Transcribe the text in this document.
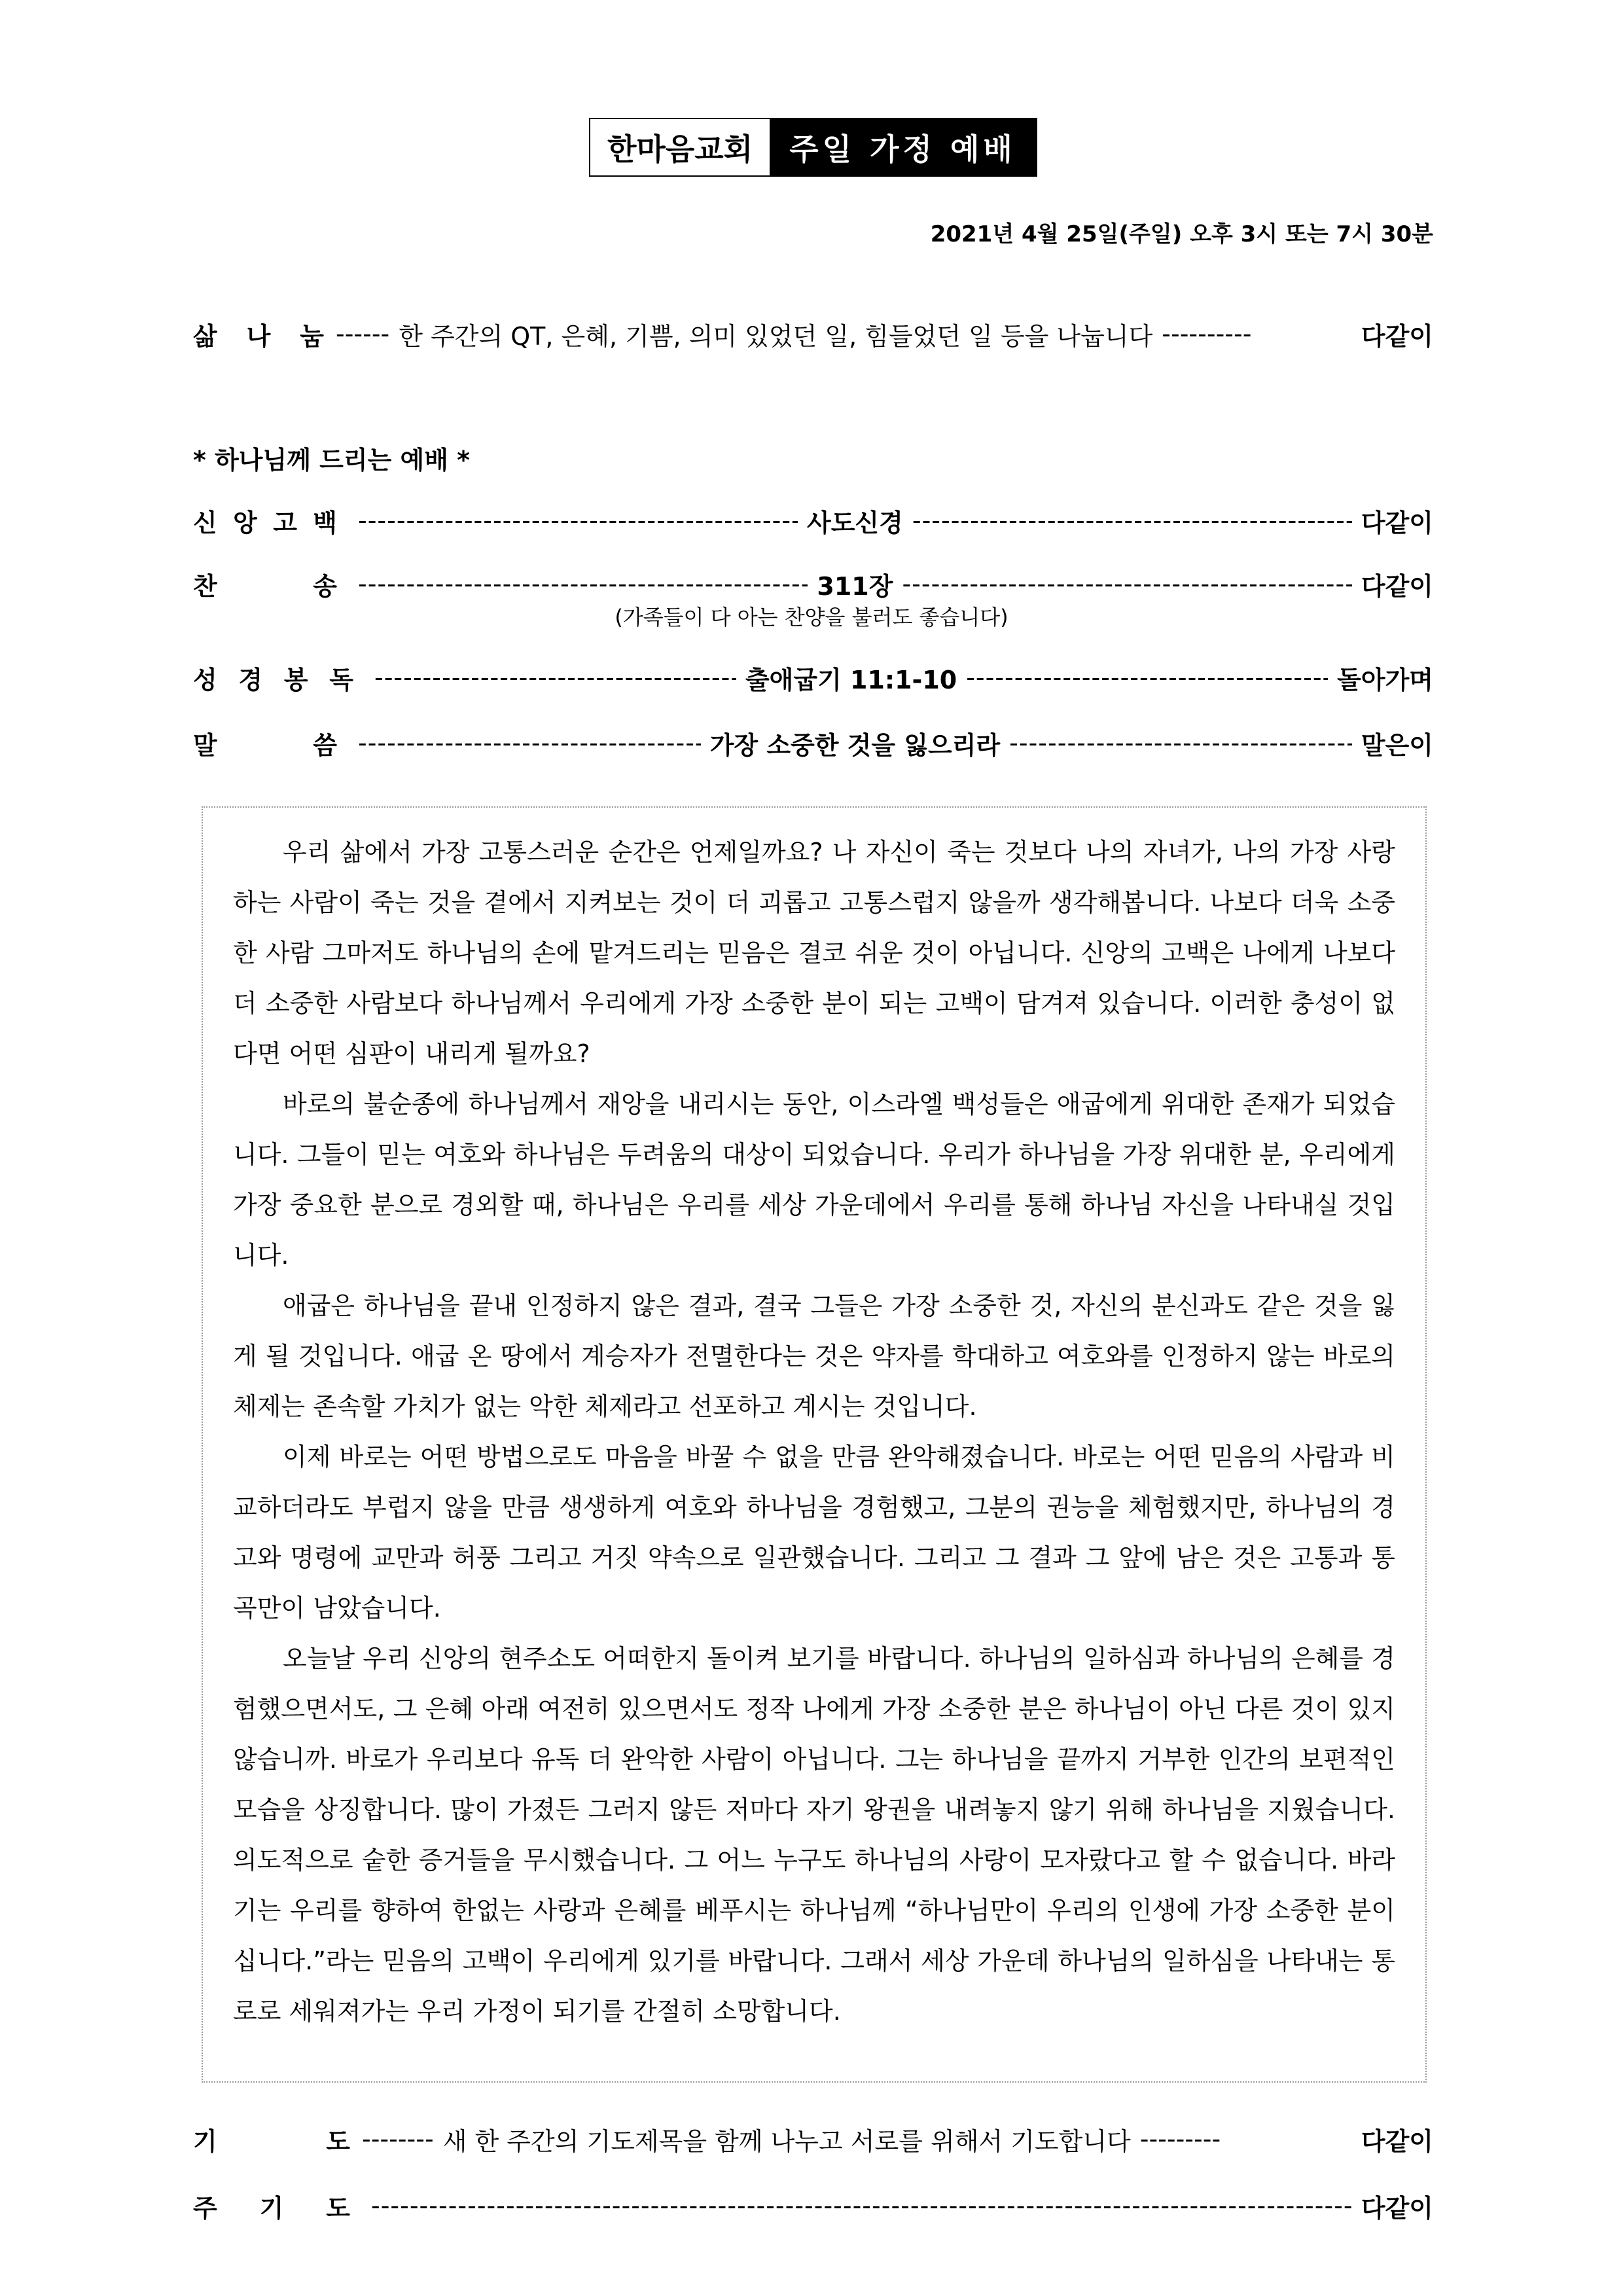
한마음교회	주일 가정 예배
2021년 4월 25일(주일) 오후 3시 또는 7시 30분
삶 나 눔 ------ 한 주간의 QT, 은혜, 기쁨, 의미 있었던 일, 힘들었던 일 등을 나눕니다 ----------	다같이
* 하나님께 드리는 예배 *
신 앙 고 백 -----	사도신경 -----	다같이
찬	송 -----	311장 -----	다같이
(가족들이 다 아는 찬양을 불러도 좋습니다)
성 경 봉 독 -----	출애굽기 11:1-10 -----	돌아가며
말	씀 -----	가장 소중한 것을 잃으리라 -----	말은이

우리 삶에서 가장 고통스러운 순간은 언제일까요? 나 자신이 죽는 것보다 나의 자녀가, 나의 가장 사랑하는 사람이 죽는 것을 곁에서 지켜보는 것이 더 괴롭고 고통스럽지 않을까 생각해봅니다. 나보다 더욱 소중한 사람 그마저도 하나님의 손에 맡겨드리는 믿음은 결코 쉬운 것이 아닙니다. 신앙의 고백은 나에게 나보다 더 소중한 사람보다 하나님께서 우리에게 가장 소중한 분이 되는 고백이 담겨져 있습니다. 이러한 충성이 없다면 어떤 심판이 내리게 될까요?

바로의 불순종에 하나님께서 재앙을 내리시는 동안, 이스라엘 백성들은 애굽에게 위대한 존재가 되었습니다. 그들이 믿는 여호와 하나님은 두려움의 대상이 되었습니다. 우리가 하나님을 가장 위대한 분, 우리에게 가장 중요한 분으로 경외할 때, 하나님은 우리를 세상 가운데에서 우리를 통해 하나님 자신을 나타내실 것입니다.

애굽은 하나님을 끝내 인정하지 않은 결과, 결국 그들은 가장 소중한 것, 자신의 분신과도 같은 것을 잃게 될 것입니다. 애굽 온 땅에서 계승자가 전멸한다는 것은 약자를 학대하고 여호와를 인정하지 않는 바로의 체제는 존속할 가치가 없는 악한 체제라고 선포하고 계시는 것입니다.

이제 바로는 어떤 방법으로도 마음을 바꿀 수 없을 만큼 완악해졌습니다. 바로는 어떤 믿음의 사람과 비교하더라도 부럽지 않을 만큼 생생하게 여호와 하나님을 경험했고, 그분의 권능을 체험했지만, 하나님의 경고와 명령에 교만과 허풍 그리고 거짓 약속으로 일관했습니다. 그리고 그 결과 그 앞에 남은 것은 고통과 통곡만이 남았습니다.

오늘날 우리 신앙의 현주소도 어떠한지 돌이켜 보기를 바랍니다. 하나님의 일하심과 하나님의 은혜를 경험했으면서도, 그 은혜 아래 여전히 있으면서도 정작 나에게 가장 소중한 분은 하나님이 아닌 다른 것이 있지 않습니까. 바로가 우리보다 유독 더 완악한 사람이 아닙니다. 그는 하나님을 끝까지 거부한 인간의 보편적인 모습을 상징합니다. 많이 가졌든 그러지 않든 저마다 자기 왕권을 내려놓지 않기 위해 하나님을 지웠습니다. 의도적으로 숱한 증거들을 무시했습니다. 그 어느 누구도 하나님의 사랑이 모자랐다고 할 수 없습니다. 바라기는 우리를 향하여 한없는 사랑과 은혜를 베푸시는 하나님께 “하나님만이 우리의 인생에 가장 소중한 분이십니다.”라는 믿음의 고백이 우리에게 있기를 바랍니다. 그래서 세상 가운데 하나님의 일하심을 나타내는 통로로 세워져가는 우리 가정이 되기를 간절히 소망합니다.

기	도 -------- 새 한 주간의 기도제목을 함께 나누고 서로를 위해서 기도합니다 ---------	다같이
주 기 도 -----	다같이
